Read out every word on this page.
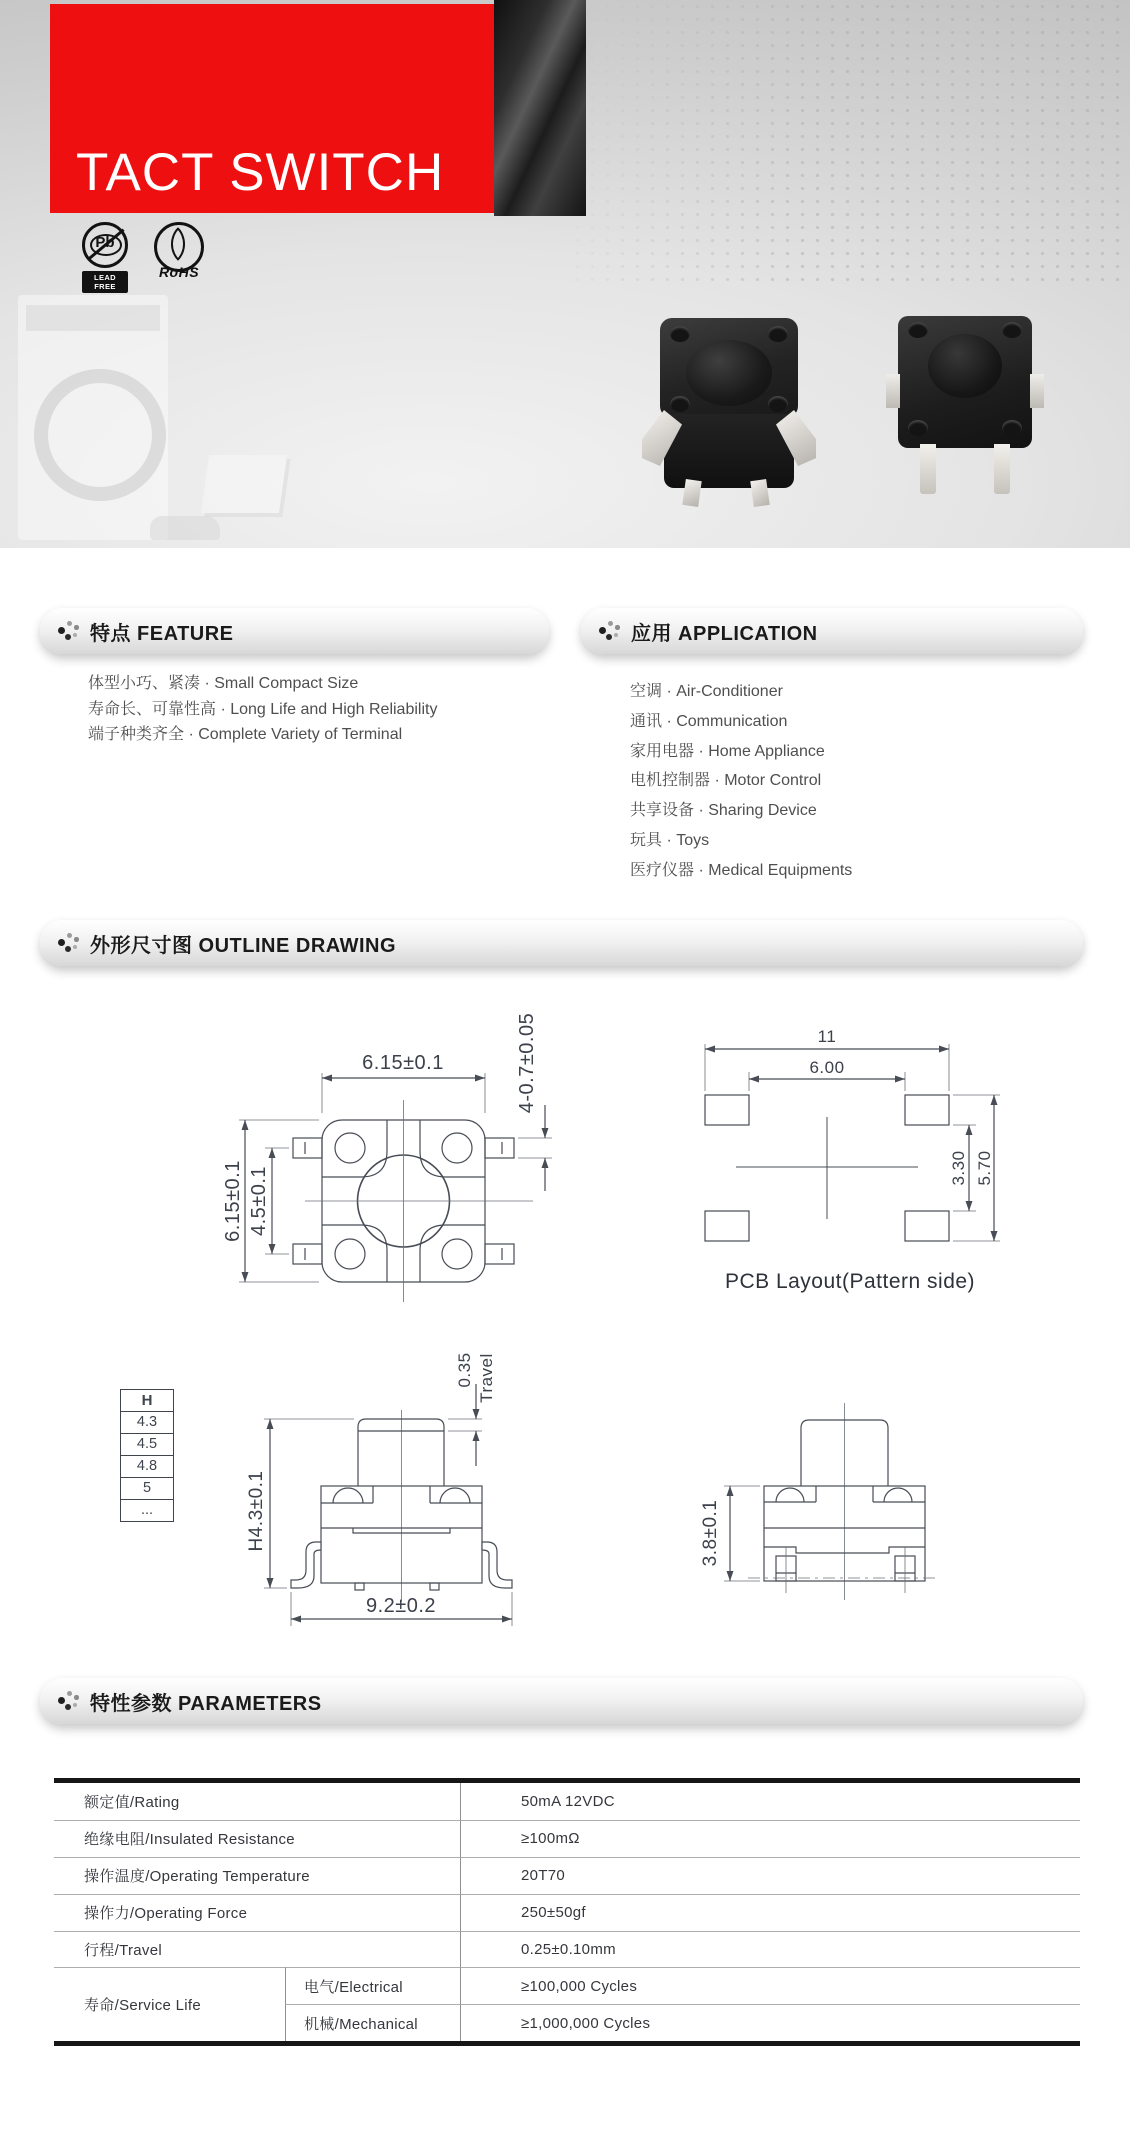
TACT SWITCH
Pb
LEAD FREE
RoHS
特点 FEATURE	应用 APPLICATION
体型小巧、紧凑 · Small Compact Size
寿命长、可靠性高 · Long Life and High Reliability
端子种类齐全 · Complete Variety of Terminal
空调 · Air-Conditioner
通讯 · Communication
家用电器 · Home Appliance
电机控制器 · Motor Control
共享设备 · Sharing Device
玩具 · Toys
医疗仪器 · Medical Equipments
外形尺寸图 OUTLINE DRAWING
6.15±0.1
6.15±0.1 4.5±0.1
4-0.7±0.05	11
6.00
3.30 5.70
PCB Layout(Pattern side)
H
4.3
4.5
4.8
5
...
9.2±0.2
H4.3±0.1
0.35 Travel
3.8±0.1
特性参数 PARAMETERS
额定值/Rating	50mA 12VDC
绝缘电阻/Insulated Resistance	≥100mΩ
操作温度/Operating Temperature	20T70
操作力/Operating Force	250±50gf
行程/Travel	0.25±0.10mm
寿命/Service Life
电气/Electrical	≥100,000 Cycles
机械/Mechanical	≥1,000,000 Cycles
